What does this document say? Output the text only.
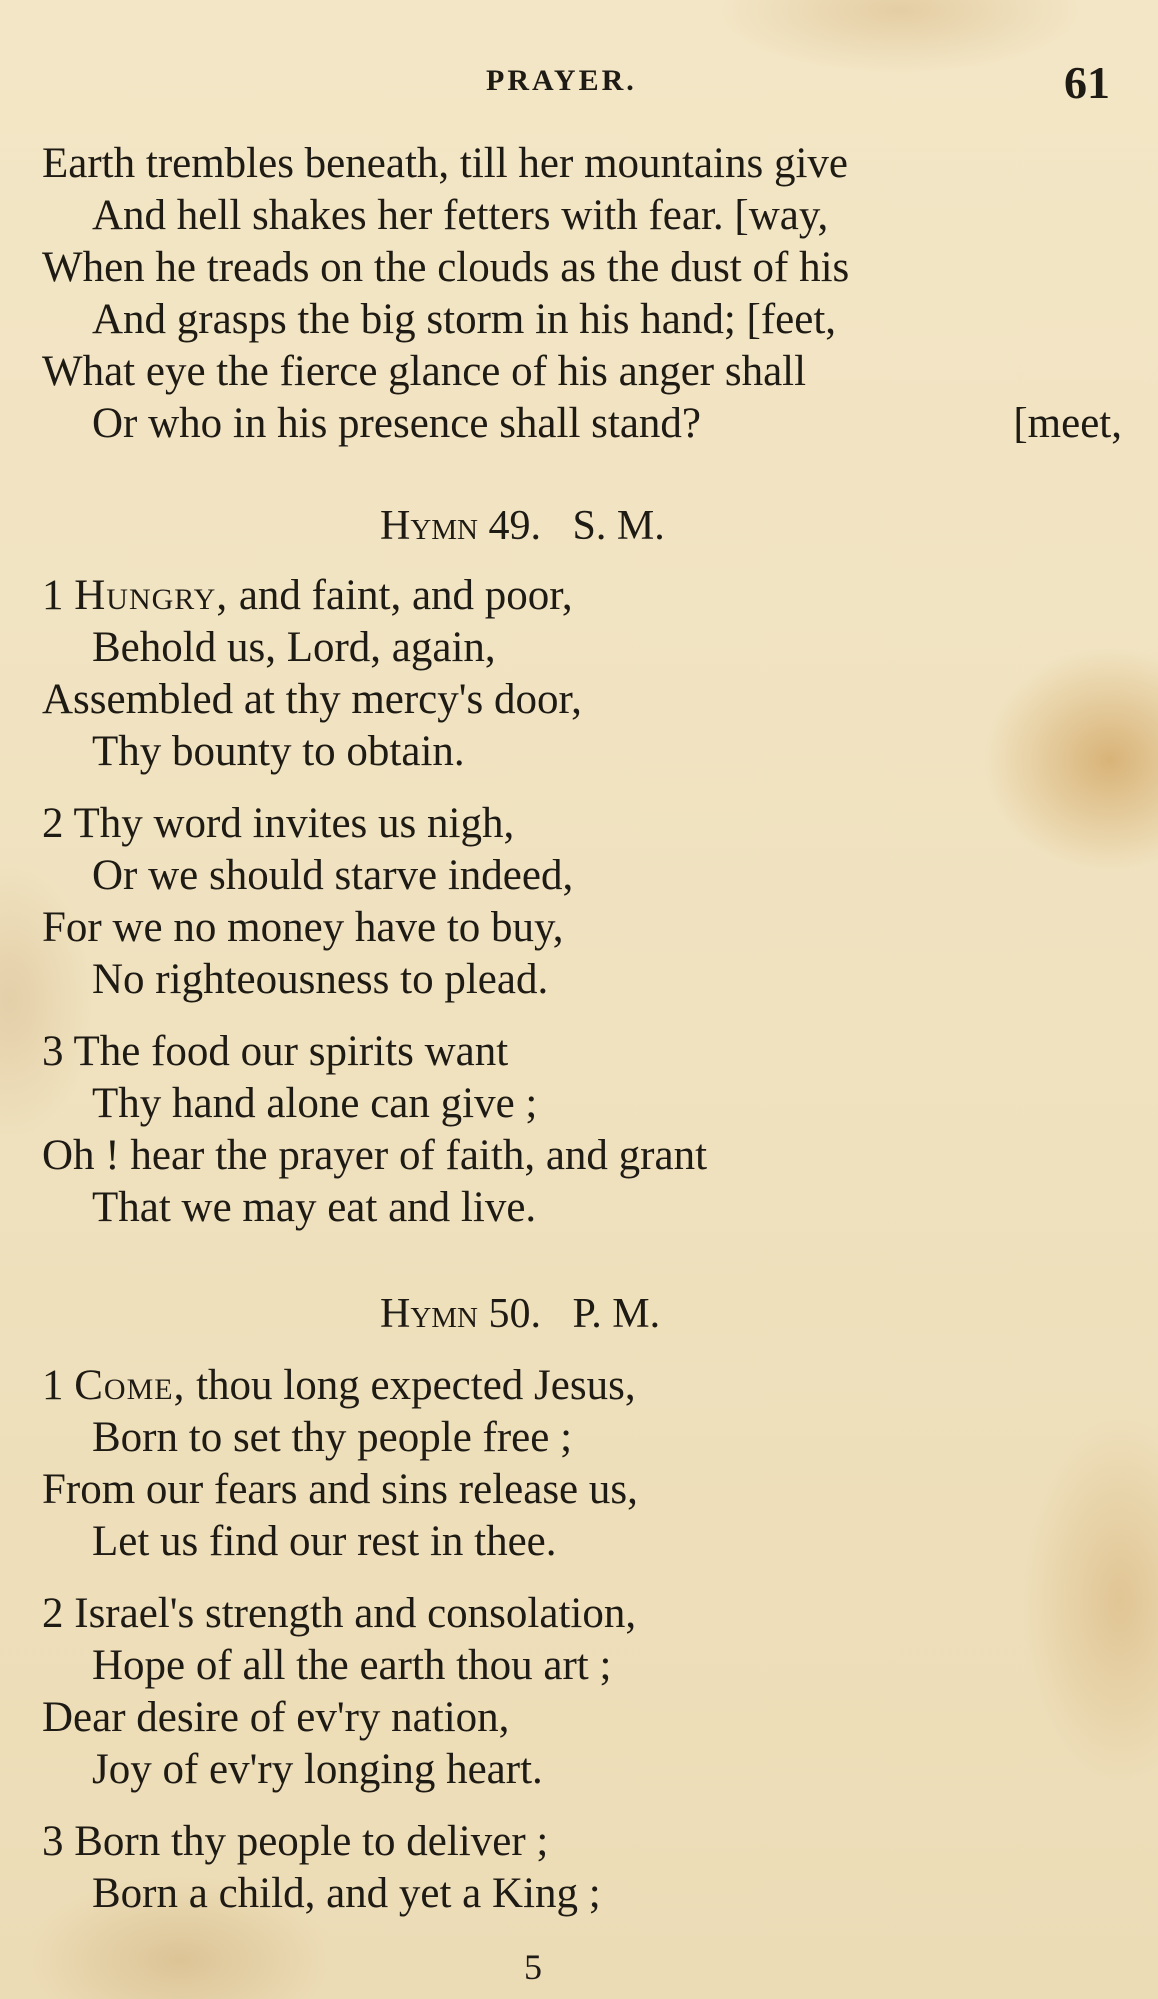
PRAYER.	61
Earth trembles beneath, till her mountains give
And hell shakes her fetters with fear. [way,
When he treads on the clouds as the dust of his
And grasps the big storm in his hand; [feet,
What eye the fierce glance of his anger shall
Or who in his presence shall stand?	[meet,
Hymn 49. S. M.
1 Hungry, and faint, and poor,
Behold us, Lord, again,
Assembled at thy mercy's door,
Thy bounty to obtain.
2 Thy word invites us nigh,
Or we should starve indeed,
For we no money have to buy,
No righteousness to plead.
3 The food our spirits want
Thy hand alone can give ;
Oh ! hear the prayer of faith, and grant
That we may eat and live.
Hymn 50. P. M.
1 Come, thou long expected Jesus,
Born to set thy people free ;
From our fears and sins release us,
Let us find our rest in thee.
2 Israel's strength and consolation,
Hope of all the earth thou art ;
Dear desire of ev'ry nation,
Joy of ev'ry longing heart.
3 Born thy people to deliver ;
Born a child, and yet a King ;
5
